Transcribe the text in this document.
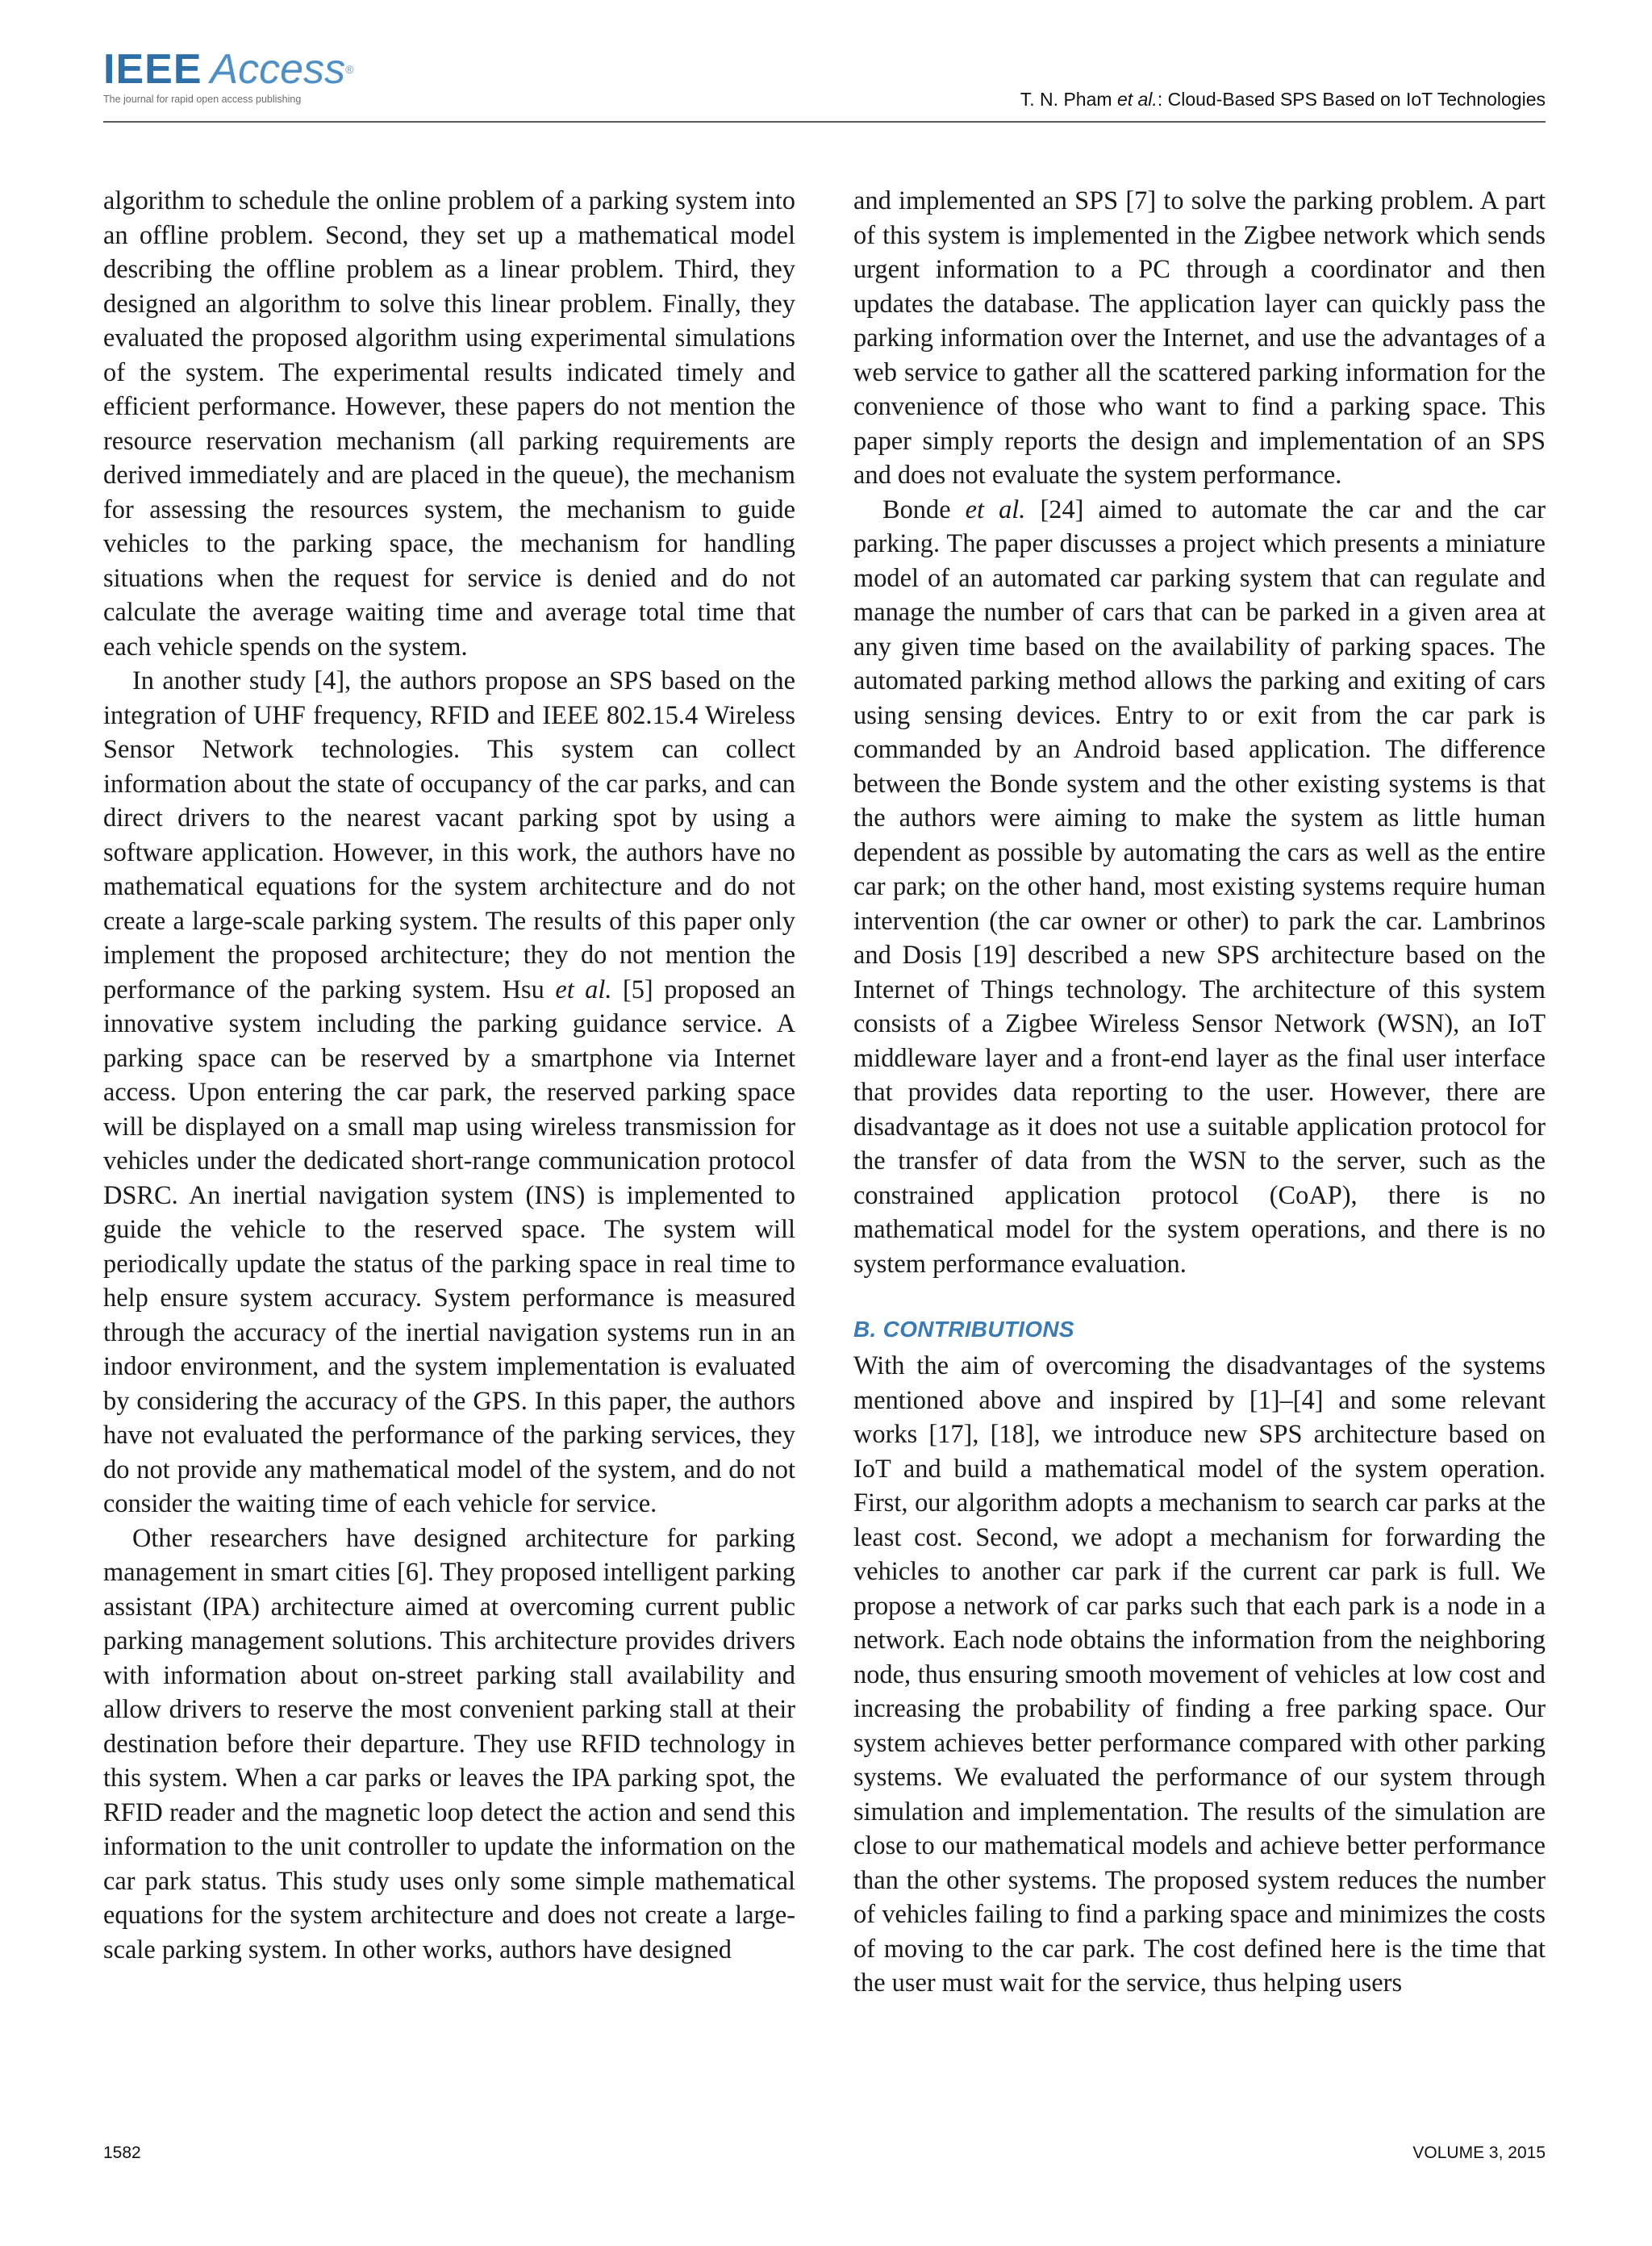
IEEE Access®
The journal for rapid open access publishing	T. N. Pham et al.: Cloud-Based SPS Based on IoT Technologies

algorithm to schedule the online problem of a parking system into an offline problem. Second, they set up a mathematical model describing the offline problem as a linear problem. Third, they designed an algorithm to solve this linear problem. Finally, they evaluated the proposed algorithm using experimental simulations of the system. The experimental results indicated timely and efficient performance. However, these papers do not mention the resource reservation mechanism (all parking requirements are derived immediately and are placed in the queue), the mechanism for assessing the resources system, the mechanism to guide vehicles to the parking space, the mechanism for handling situations when the request for service is denied and do not calculate the average waiting time and average total time that each vehicle spends on the system.

In another study [4], the authors propose an SPS based on the integration of UHF frequency, RFID and IEEE 802.15.4 Wireless Sensor Network technologies. This system can collect information about the state of occupancy of the car parks, and can direct drivers to the nearest vacant parking spot by using a software application. However, in this work, the authors have no mathematical equations for the system architecture and do not create a large-scale parking system. The results of this paper only implement the proposed architecture; they do not mention the performance of the parking system. Hsu et al. [5] proposed an innovative system including the parking guidance service. A parking space can be reserved by a smartphone via Internet access. Upon entering the car park, the reserved parking space will be displayed on a small map using wireless transmission for vehicles under the dedicated short-range communication protocol DSRC. An inertial navigation system (INS) is implemented to guide the vehicle to the reserved space. The system will periodically update the status of the parking space in real time to help ensure system accuracy. System performance is measured through the accuracy of the inertial navigation systems run in an indoor environment, and the system implementation is evaluated by considering the accuracy of the GPS. In this paper, the authors have not evaluated the performance of the parking services, they do not provide any mathematical model of the system, and do not consider the waiting time of each vehicle for service.

Other researchers have designed architecture for parking management in smart cities [6]. They proposed intelligent parking assistant (IPA) architecture aimed at overcoming current public parking management solutions. This architecture provides drivers with information about on-street parking stall availability and allow drivers to reserve the most convenient parking stall at their destination before their departure. They use RFID technology in this system. When a car parks or leaves the IPA parking spot, the RFID reader and the magnetic loop detect the action and send this information to the unit controller to update the information on the car park status. This study uses only some simple mathematical equations for the system architecture and does not create a large-scale parking system. In other works, authors have designed

and implemented an SPS [7] to solve the parking problem. A part of this system is implemented in the Zigbee network which sends urgent information to a PC through a coordinator and then updates the database. The application layer can quickly pass the parking information over the Internet, and use the advantages of a web service to gather all the scattered parking information for the convenience of those who want to find a parking space. This paper simply reports the design and implementation of an SPS and does not evaluate the system performance.

Bonde et al. [24] aimed to automate the car and the car parking. The paper discusses a project which presents a miniature model of an automated car parking system that can regulate and manage the number of cars that can be parked in a given area at any given time based on the availability of parking spaces. The automated parking method allows the parking and exiting of cars using sensing devices. Entry to or exit from the car park is commanded by an Android based application. The difference between the Bonde system and the other existing systems is that the authors were aiming to make the system as little human dependent as possible by automating the cars as well as the entire car park; on the other hand, most existing systems require human intervention (the car owner or other) to park the car. Lambrinos and Dosis [19] described a new SPS architecture based on the Internet of Things technology. The architecture of this system consists of a Zigbee Wireless Sensor Network (WSN), an IoT middleware layer and a front-end layer as the final user interface that provides data reporting to the user. However, there are disadvantage as it does not use a suitable application protocol for the transfer of data from the WSN to the server, such as the constrained application protocol (CoAP), there is no mathematical model for the system operations, and there is no system performance evaluation.

B. CONTRIBUTIONS

With the aim of overcoming the disadvantages of the systems mentioned above and inspired by [1]–[4] and some relevant works [17], [18], we introduce new SPS architecture based on IoT and build a mathematical model of the system operation. First, our algorithm adopts a mechanism to search car parks at the least cost. Second, we adopt a mechanism for forwarding the vehicles to another car park if the current car park is full. We propose a network of car parks such that each park is a node in a network. Each node obtains the information from the neighboring node, thus ensuring smooth movement of vehicles at low cost and increasing the probability of finding a free parking space. Our system achieves better performance compared with other parking systems. We evaluated the performance of our system through simulation and implementation. The results of the simulation are close to our mathematical models and achieve better performance than the other systems. The proposed system reduces the number of vehicles failing to find a parking space and minimizes the costs of moving to the car park. The cost defined here is the time that the user must wait for the service, thus helping users

1582	VOLUME 3, 2015
